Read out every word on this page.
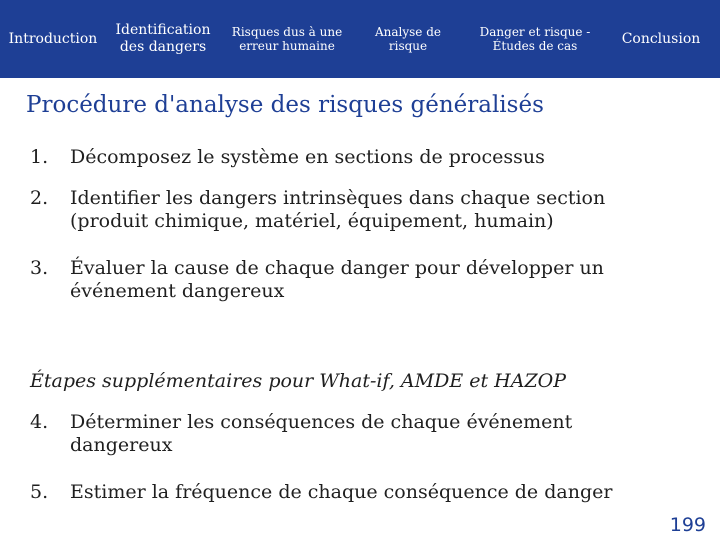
Introduction
Identification des dangers
Risques dus à une erreur humaine
Analyse de risque
Danger et risque - Études de cas	Conclusion
Procédure d'analyse des risques généralisés
1. Décomposez le système en sections de processus
2. Identifier les dangers intrinsèques dans chaque section (produit chimique, matériel, équipement, humain)
3. Évaluer la cause de chaque danger pour développer un événement dangereux
Étapes supplémentaires pour What-if, AMDE et HAZOP
4. Déterminer les conséquences de chaque événement dangereux
5. Estimer la fréquence de chaque conséquence de danger
199
